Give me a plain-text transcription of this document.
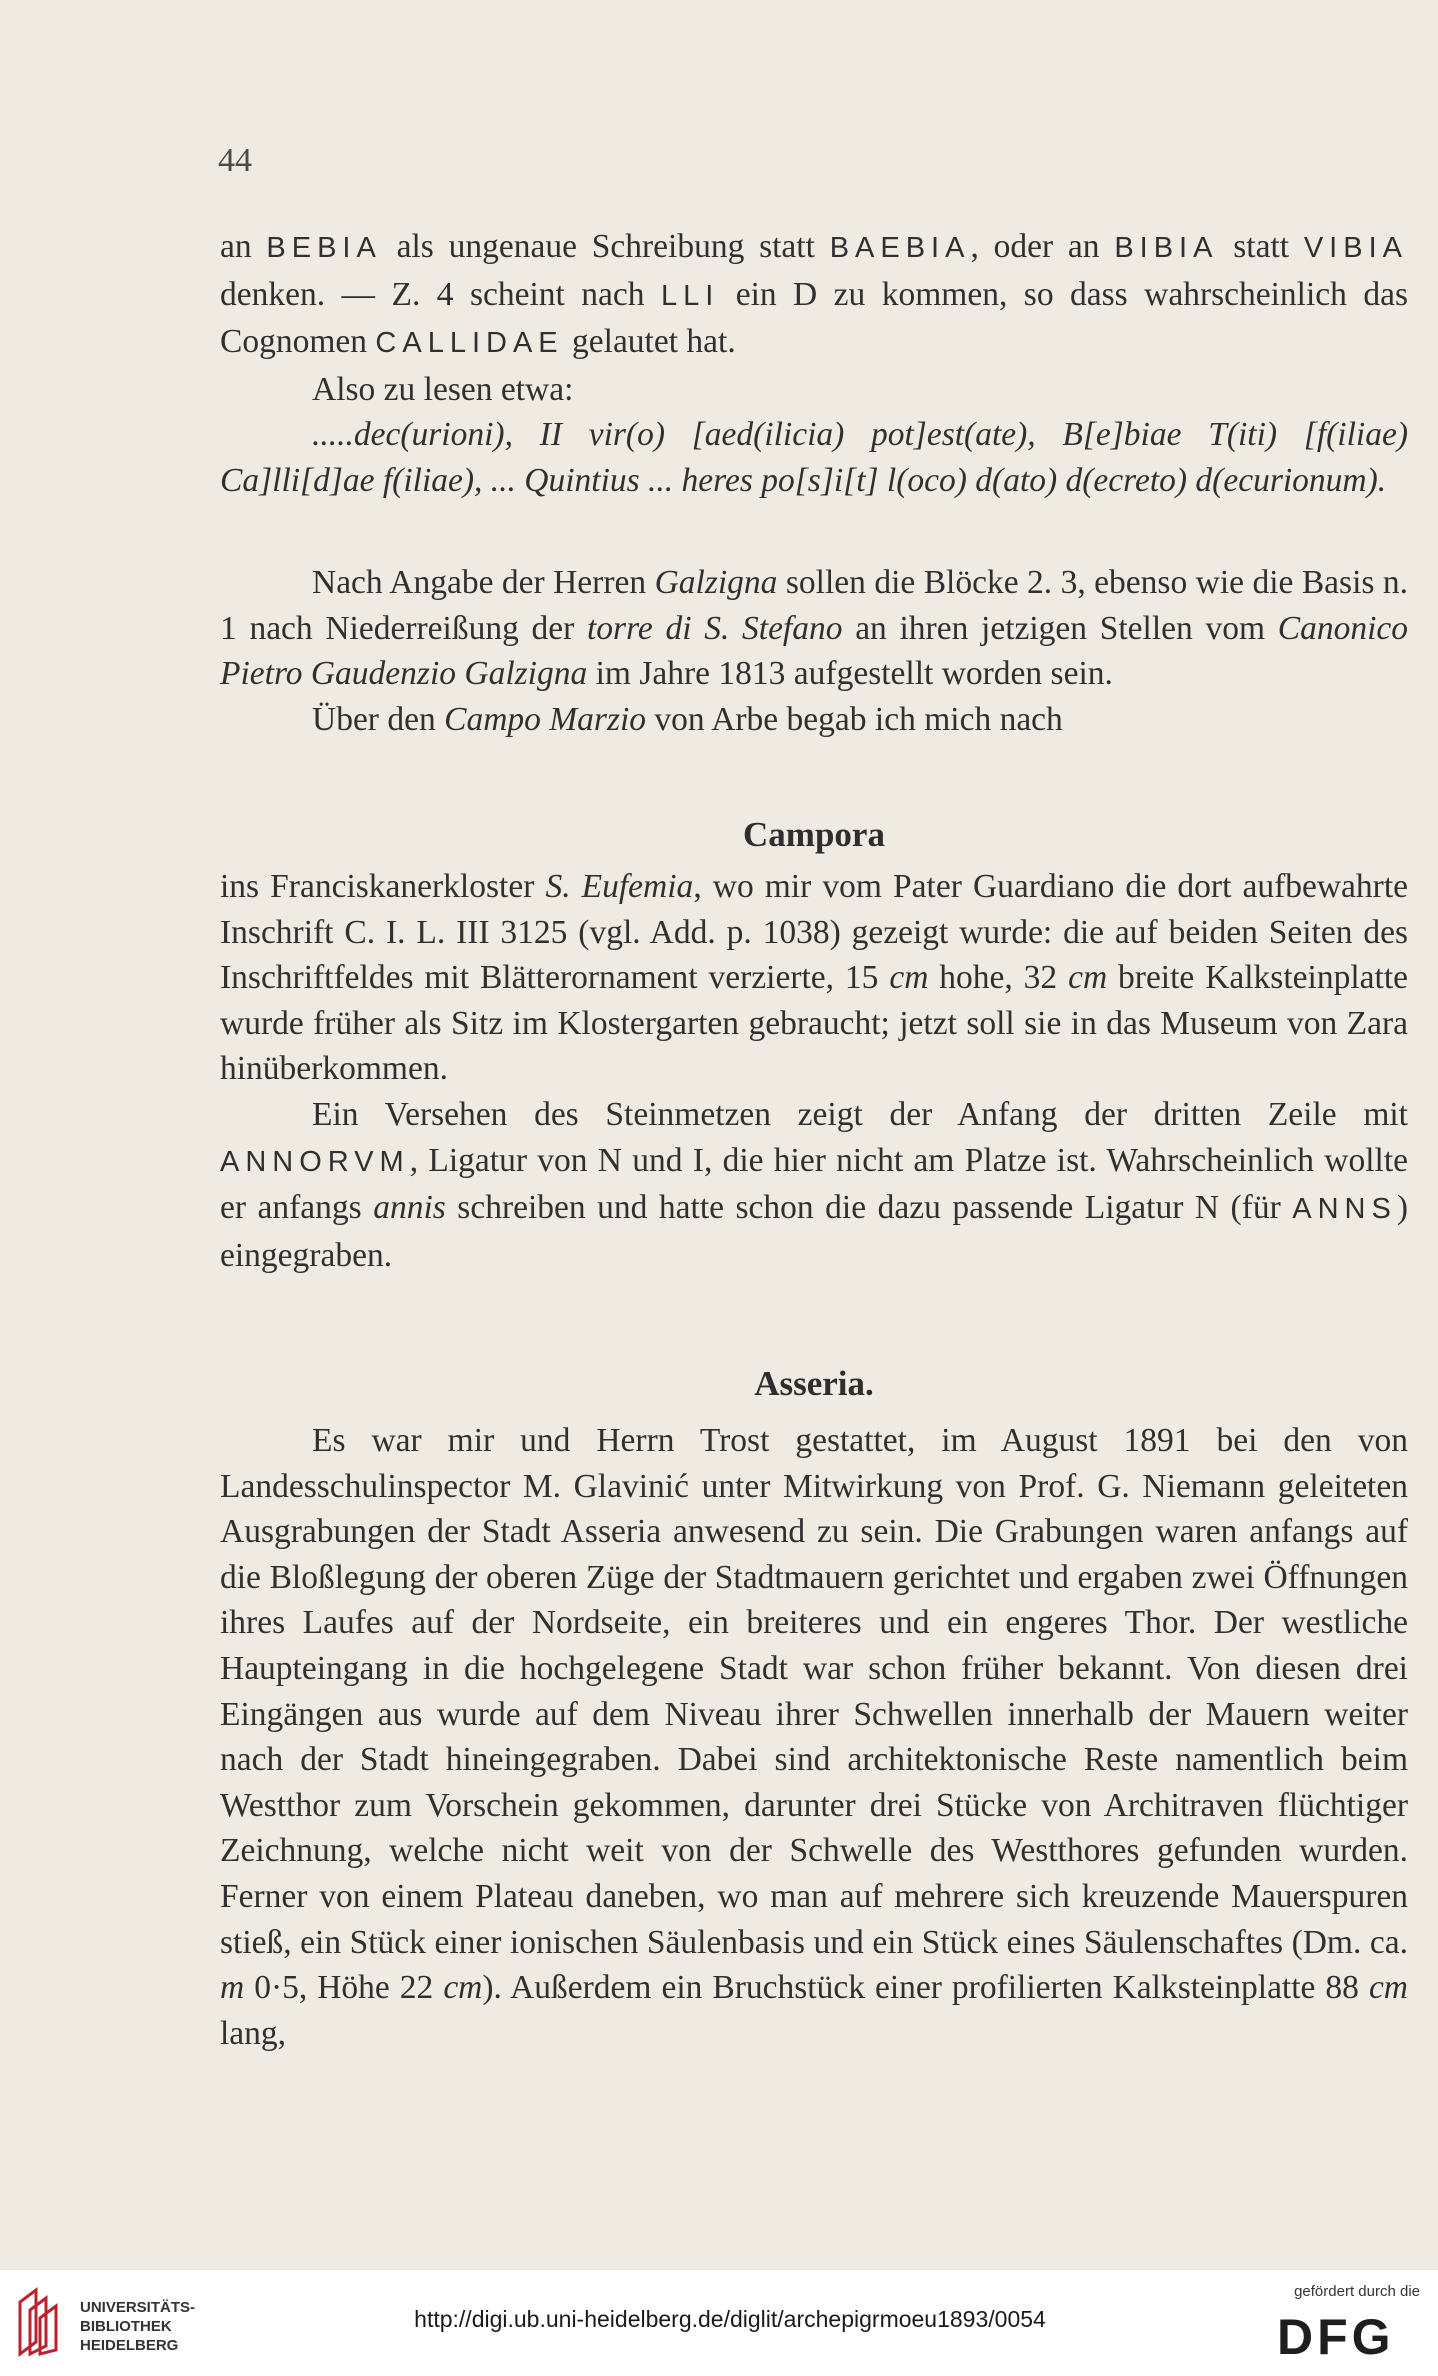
44

an BEBIA als ungenaue Schreibung statt BAEBIA, oder an BIBIA statt VIBIA denken. — Z. 4 scheint nach LLI ein D zu kommen, so dass wahrscheinlich das Cognomen CALLIDAE gelautet hat.

Also zu lesen etwa:

.....dec(urioni), II vir(o) [aed(ilicia) pot]est(ate), B[e]biae T(iti) [f(iliae) Ca]lli[d]ae f(iliae), ... Quintius ... heres po[s]i[t] l(oco) d(ato) d(ecreto) d(ecurionum).

Nach Angabe der Herren Galzigna sollen die Blöcke 2. 3, ebenso wie die Basis n. 1 nach Niederreißung der torre di S. Stefano an ihren jetzigen Stellen vom Canonico Pietro Gaudenzio Galzigna im Jahre 1813 aufgestellt worden sein.

Über den Campo Marzio von Arbe begab ich mich nach

Campora

ins Franciskanerkloster S. Eufemia, wo mir vom Pater Guardiano die dort aufbewahrte Inschrift C. I. L. III 3125 (vgl. Add. p. 1038) gezeigt wurde: die auf beiden Seiten des Inschriftfeldes mit Blätterornament verzierte, 15 cm hohe, 32 cm breite Kalksteinplatte wurde früher als Sitz im Klostergarten gebraucht; jetzt soll sie in das Museum von Zara hinüberkommen.

Ein Versehen des Steinmetzen zeigt der Anfang der dritten Zeile mit ANNORVM, Ligatur von N und I, die hier nicht am Platze ist. Wahrscheinlich wollte er anfangs annis schreiben und hatte schon die dazu passende Ligatur N (für ANNS) eingegraben.

Asseria.

Es war mir und Herrn Trost gestattet, im August 1891 bei den von Landesschulinspector M. Glavinić unter Mitwirkung von Prof. G. Niemann geleiteten Ausgrabungen der Stadt Asseria anwesend zu sein. Die Grabungen waren anfangs auf die Bloßlegung der oberen Züge der Stadtmauern gerichtet und ergaben zwei Öffnungen ihres Laufes auf der Nordseite, ein breiteres und ein engeres Thor. Der westliche Haupteingang in die hochgelegene Stadt war schon früher bekannt. Von diesen drei Eingängen aus wurde auf dem Niveau ihrer Schwellen innerhalb der Mauern weiter nach der Stadt hineingegraben. Dabei sind architektonische Reste namentlich beim Westthor zum Vorschein gekommen, darunter drei Stücke von Architraven flüchtiger Zeichnung, welche nicht weit von der Schwelle des Westthores gefunden wurden. Ferner von einem Plateau daneben, wo man auf mehrere sich kreuzende Mauerspuren stieß, ein Stück einer ionischen Säulenbasis und ein Stück eines Säulenschaftes (Dm. ca. m 0·5, Höhe 22 cm). Außerdem ein Bruchstück einer profilierten Kalksteinplatte 88 cm lang,

UNIVERSITÄTS-
BIBLIOTHEK
HEIDELBERG
http://digi.ub.uni-heidelberg.de/diglit/archepigrmoeu1893/0054
gefördert durch die
DFG
